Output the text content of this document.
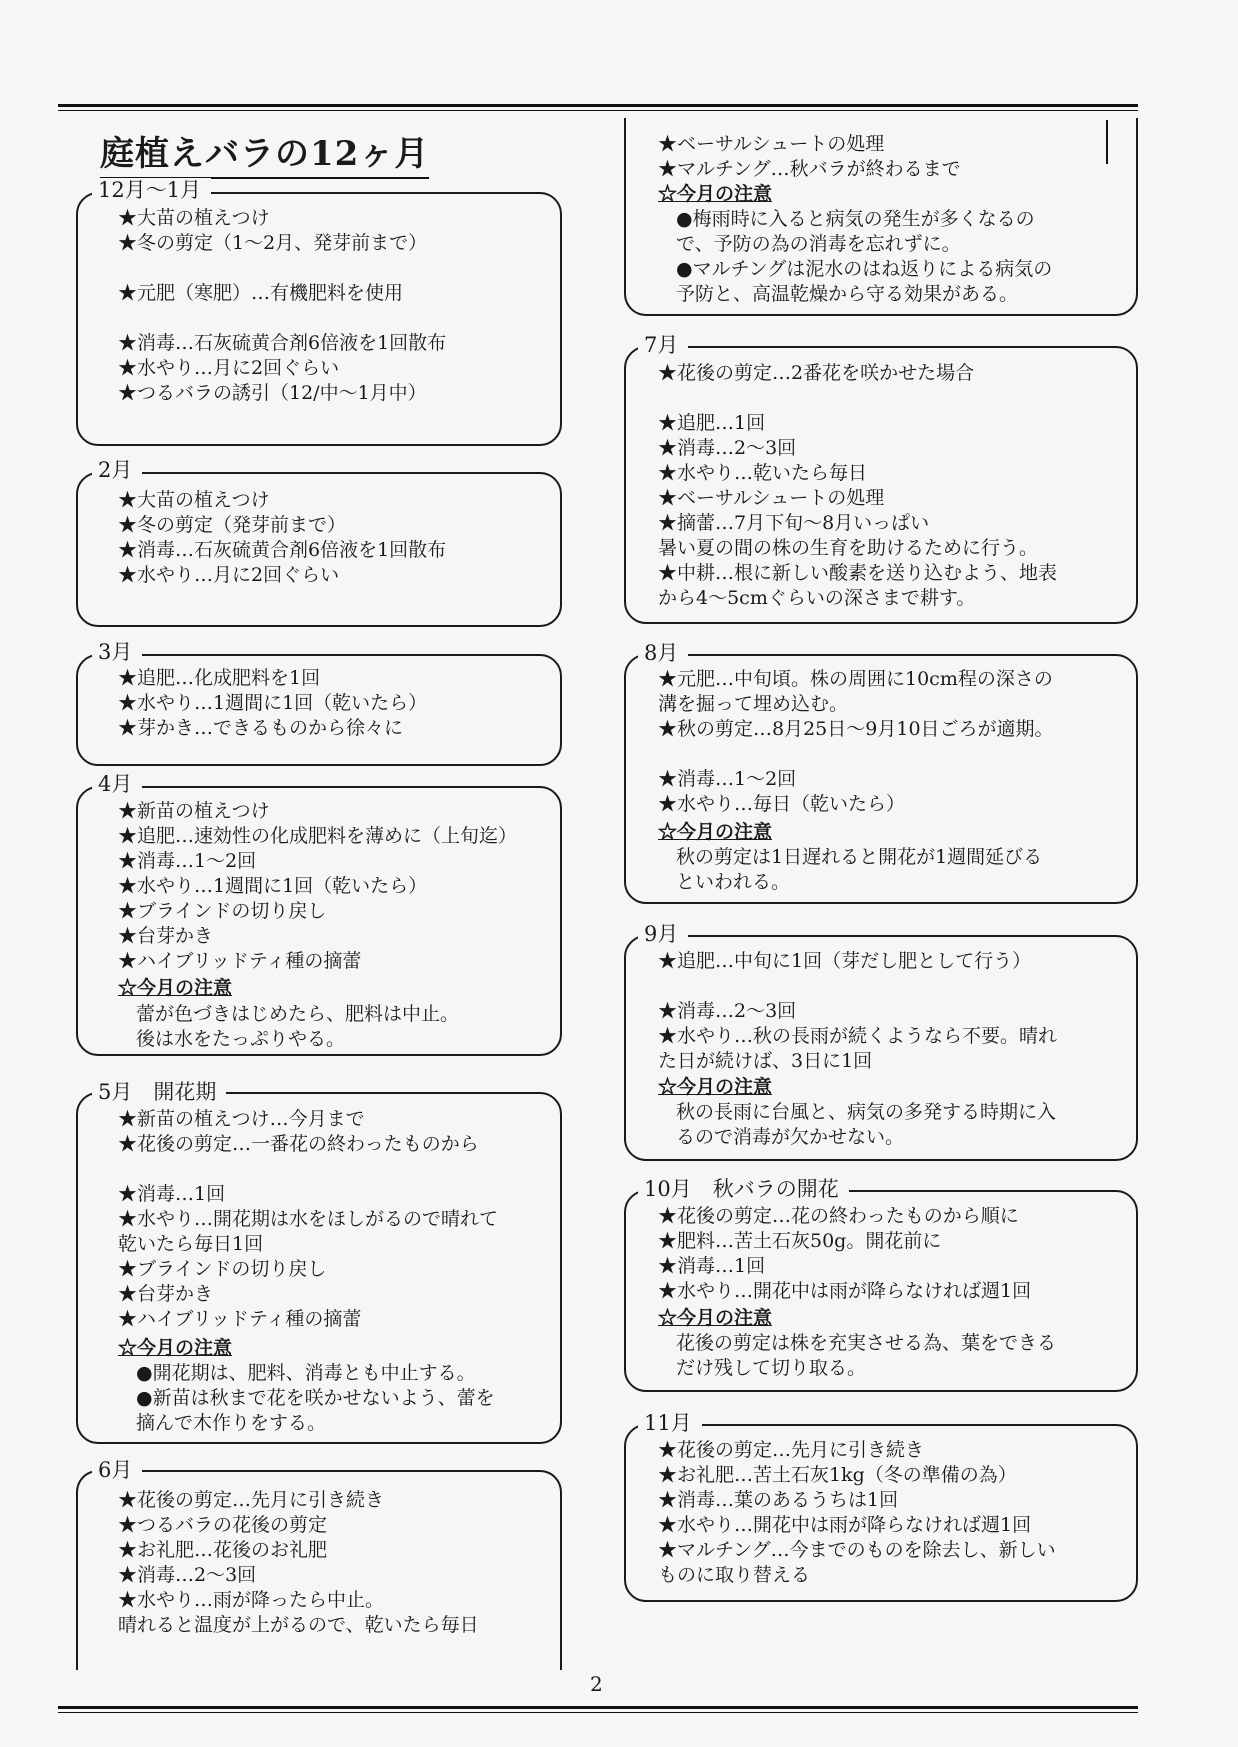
庭植えバラの12ヶ月
12月～1月
★大苗の植えつけ
★冬の剪定（1～2月、発芽前まで）

★元肥（寒肥）…有機肥料を使用

★消毒…石灰硫黄合剤6倍液を1回散布
★水やり…月に2回ぐらい
★つるバラの誘引（12/中～1月中）
2月
★大苗の植えつけ
★冬の剪定（発芽前まで）
★消毒…石灰硫黄合剤6倍液を1回散布
★水やり…月に2回ぐらい
3月
★追肥…化成肥料を1回
★水やり…1週間に1回（乾いたら）
★芽かき…できるものから徐々に
4月
★新苗の植えつけ
★追肥…速効性の化成肥料を薄めに（上旬迄）
★消毒…1～2回
★水やり…1週間に1回（乾いたら）
★ブラインドの切り戻し
★台芽かき
★ハイブリッドティ種の摘蕾
☆今月の注意
蕾が色づきはじめたら、肥料は中止。
後は水をたっぷりやる。
5月　開花期
★新苗の植えつけ…今月まで
★花後の剪定…一番花の終わったものから

★消毒…1回
★水やり…開花期は水をほしがるので晴れて
乾いたら毎日1回
★ブラインドの切り戻し
★台芽かき
★ハイブリッドティ種の摘蕾
☆今月の注意
●開花期は、肥料、消毒とも中止する。
●新苗は秋まで花を咲かせないよう、蕾を
摘んで木作りをする。
6月
★花後の剪定…先月に引き続き
★つるバラの花後の剪定
★お礼肥…花後のお礼肥
★消毒…2～3回
★水やり…雨が降ったら中止。
晴れると温度が上がるので、乾いたら毎日
★ベーサルシュートの処理
★マルチング…秋バラが終わるまで
☆今月の注意
●梅雨時に入ると病気の発生が多くなるの
で、予防の為の消毒を忘れずに。
●マルチングは泥水のはね返りによる病気の
予防と、高温乾燥から守る効果がある。
7月
★花後の剪定…2番花を咲かせた場合

★追肥…1回
★消毒…2～3回
★水やり…乾いたら毎日
★ベーサルシュートの処理
★摘蕾…7月下旬～8月いっぱい
暑い夏の間の株の生育を助けるために行う。
★中耕…根に新しい酸素を送り込むよう、地表
から4～5cmぐらいの深さまで耕す。
8月
★元肥…中旬頃。株の周囲に10cm程の深さの
溝を掘って埋め込む。
★秋の剪定…8月25日～9月10日ごろが適期。

★消毒…1～2回
★水やり…毎日（乾いたら）
☆今月の注意
秋の剪定は1日遅れると開花が1週間延びる
といわれる。
9月
★追肥…中旬に1回（芽だし肥として行う）

★消毒…2～3回
★水やり…秋の長雨が続くようなら不要。晴れ
た日が続けば、3日に1回
☆今月の注意
秋の長雨に台風と、病気の多発する時期に入
るので消毒が欠かせない。
10月　秋バラの開花
★花後の剪定…花の終わったものから順に
★肥料…苦土石灰50g。開花前に
★消毒…1回
★水やり…開花中は雨が降らなければ週1回
☆今月の注意
花後の剪定は株を充実させる為、葉をできる
だけ残して切り取る。
11月
★花後の剪定…先月に引き続き
★お礼肥…苦土石灰1kg（冬の準備の為）
★消毒…葉のあるうちは1回
★水やり…開花中は雨が降らなければ週1回
★マルチング…今までのものを除去し、新しい
ものに取り替える
2
